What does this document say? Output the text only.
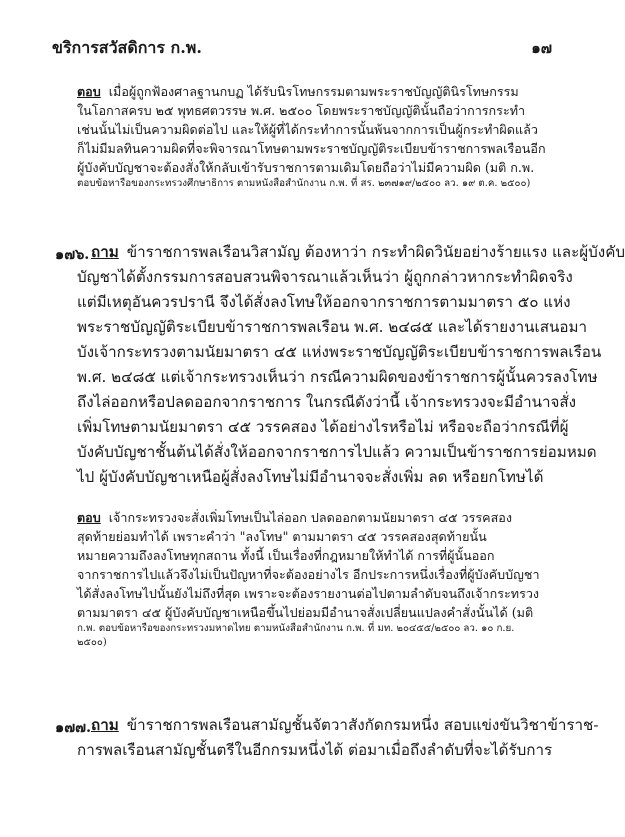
ขริการสวัสดิการ ก.พ.	๑๗
ตอบ เมื่อผู้ถูกฟ้องศาลฐานกบฏ ได้รับนิรโทษกรรมตามพระราชบัญญัตินิรโทษกรรม
ในโอกาสครบ ๒๕ พุทธศตวรรษ พ.ศ. ๒๕๐๐ โดยพระราชบัญญัตินั้นถือว่าการกระทำ
เช่นนั้นไม่เป็นความผิดต่อไป และให้ผู้ที่ได้กระทำการนั้นพ้นจากการเป็นผู้กระทำผิดแล้ว
ก็ไม่มีมลทินความผิดที่จะพิจารณาโทษตามพระราชบัญญัติระเบียบข้าราชการพลเรือนอีก
ผู้บังคับบัญชาจะต้องสั่งให้กลับเข้ารับราชการตามเดิมโดยถือว่าไม่มีความผิด (มติ ก.พ.
ตอบข้อหารือของกระทรวงศึกษาธิการ ตามหนังสือสำนักงาน ก.พ. ที่ สร. ๒๓๗๑๙/๒๕๐๐ ลว. ๑๙ ต.ค. ๒๕๐๐)
๑๗๖. ถาม ข้าราชการพลเรือนวิสามัญ ต้องหาว่า กระทำผิดวินัยอย่างร้ายแรง และผู้บังคับ
บัญชาได้ตั้งกรรมการสอบสวนพิจารณาแล้วเห็นว่า ผู้ถูกกล่าวหากระทำผิดจริง
แต่มีเหตุอันควรปรานี จึงได้สั่งลงโทษให้ออกจากราชการตามมาตรา ๕๐ แห่ง
พระราชบัญญัติระเบียบข้าราชการพลเรือน พ.ศ. ๒๔๘๕ และได้รายงานเสนอมา
บังเจ้ากระทรวงตามนัยมาตรา ๔๕ แห่งพระราชบัญญัติระเบียบข้าราชการพลเรือน
พ.ศ. ๒๔๘๕ แต่เจ้ากระทรวงเห็นว่า กรณีความผิดของข้าราชการผู้นั้นควรลงโทษ
ถึงไล่ออกหรือปลดออกจากราชการ ในกรณีดังว่านี้ เจ้ากระทรวงจะมีอำนาจสั่ง
เพิ่มโทษตามนัยมาตรา ๔๕ วรรคสอง ได้อย่างไรหรือไม่ หรือจะถือว่ากรณีที่ผู้
บังคับบัญชาชั้นต้นได้สั่งให้ออกจากราชการไปแล้ว ความเป็นข้าราชการย่อมหมด
ไป ผู้บังคับบัญชาเหนือผู้สั่งลงโทษไม่มีอำนาจจะสั่งเพิ่ม ลด หรือยกโทษได้
ตอบ เจ้ากระทรวงจะสั่งเพิ่มโทษเป็นไล่ออก ปลดออกตามนัยมาตรา ๔๕ วรรคสอง
สุดท้ายย่อมทำได้ เพราะคำว่า "ลงโทษ" ตามมาตรา ๔๕ วรรคสองสุดท้ายนั้น
หมายความถึงลงโทษทุกสถาน ทั้งนี้ เป็นเรื่องที่กฎหมายให้ทำได้ การที่ผู้นั้นออก
จากราชการไปแล้วจึงไม่เป็นปัญหาที่จะต้องอย่างไร อีกประการหนึ่งเรื่องที่ผู้บังคับบัญชา
ได้สั่งลงโทษไปนั้นยังไม่ถึงที่สุด เพราะจะต้องรายงานต่อไปตามลำดับจนถึงเจ้ากระทรวง
ตามมาตรา ๔๕ ผู้บังคับบัญชาเหนือขึ้นไปย่อมมีอำนาจสั่งเปลี่ยนแปลงคำสั่งนั้นได้ (มติ
ก.พ. ตอบข้อหารือของกระทรวงมหาดไทย ตามหนังสือสำนักงาน ก.พ. ที่ มท. ๒๐๔๕๕/๒๕๐๐ ลว. ๑๐ ก.ย.
๒๕๐๐)
๑๗๗. ถาม ข้าราชการพลเรือนสามัญชั้นจัตวาสังกัดกรมหนึ่ง สอบแข่งขันวิชาข้าราช-
การพลเรือนสามัญชั้นตรีในอีกกรมหนึ่งได้ ต่อมาเมื่อถึงลำดับที่จะได้รับการ
